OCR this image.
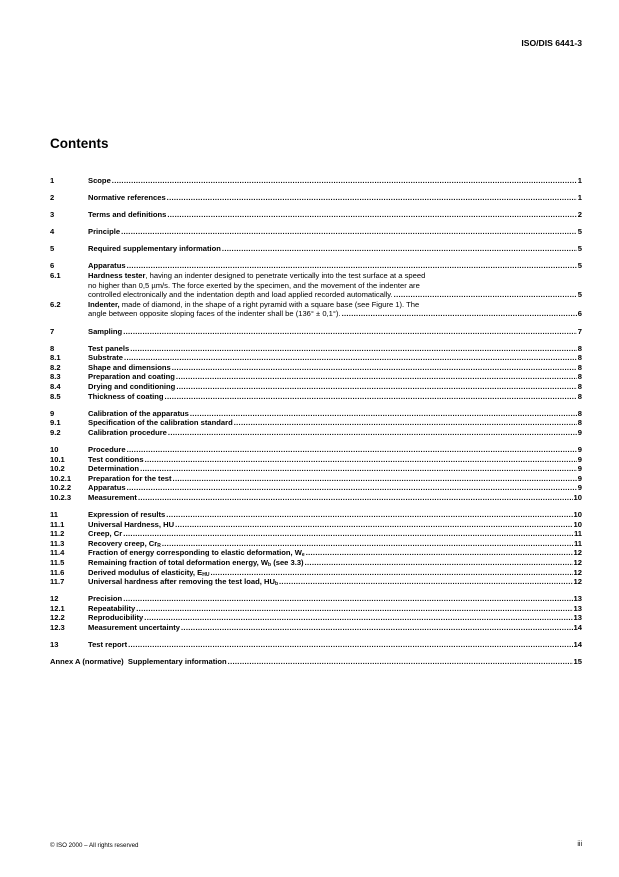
ISO/DIS 6441-3
Contents
1	Scope .....	1
2	Normative references .....	1
3	Terms and definitions .....	2
4	Principle .....	5
5	Required supplementary information .....	5
6	Apparatus .....	5
6.1	Hardness tester, having an indenter designed to penetrate vertically into the test surface at a speed
no higher than 0,5 µm/s. The force exerted by the specimen, and the movement of the indenter are
controlled electronically and the indentation depth and load applied recorded automatically. .....	5
6.2	Indenter, made of diamond, in the shape of a right pyramid with a square base (see Figure 1). The
angle between opposite sloping faces of the indenter shall be (136° ± 0,1°). .....	6
7	Sampling .....	7
8	Test panels .....	8
8.1	Substrate .....	8
8.2	Shape and dimensions .....	8
8.3	Preparation and coating .....	8
8.4	Drying and conditioning .....	8
8.5	Thickness of coating .....	8
9	Calibration of the apparatus .....	8
9.1	Specification of the calibration standard .....	8
9.2	Calibration procedure .....	9
10	Procedure .....	9
10.1	Test conditions .....	9
10.2	Determination .....	9
10.2.1	Preparation for the test .....	9
10.2.2	Apparatus .....	9
10.2.3	Measurement .....	10
11	Expression of results .....	10
11.1	Universal Hardness, HU .....	10
11.2	Creep, Cr .....	11
11.3	Recovery creep, $Cr_R$ .....	11
11.4	Fraction of energy corresponding to elastic deformation, $W_e$ .....	12
11.5	Remaining fraction of total deformation energy, $W_b$ (see 3.3) .....	12
11.6	Derived modulus of elasticity, $E_{HU}$ .....	12
11.7	Universal hardness after removing the test load, $HU_b$ .....	12
12	Precision .....	13
12.1	Repeatability .....	13
12.2	Reproducibility .....	13
12.3	Measurement uncertainty .....	14
13	Test report .....	14
Annex A (normative)  Supplementary information .....	15
© ISO 2000 – All rights reserved	iii
